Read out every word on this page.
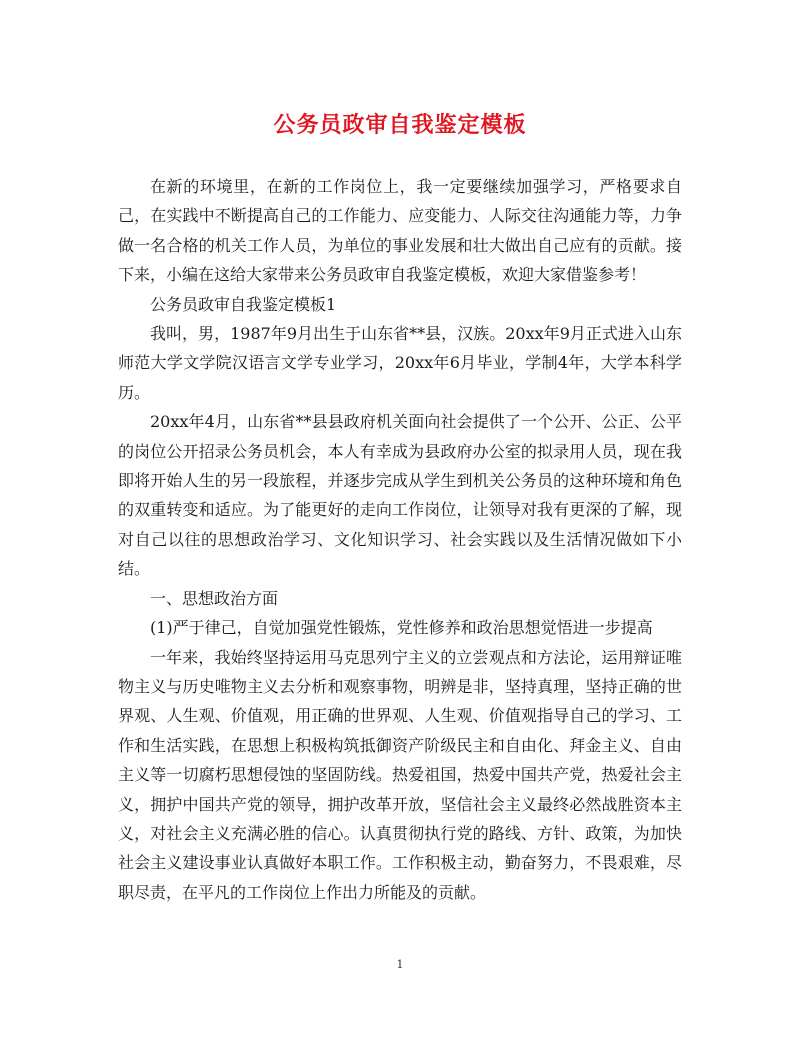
公务员政审自我鉴定模板

在新的环境里，在新的工作岗位上，我一定要继续加强学习，严格要求自己，在实践中不断提高自己的工作能力、应变能力、人际交往沟通能力等，力争做一名合格的机关工作人员，为单位的事业发展和壮大做出自己应有的贡献。接下来，小编在这给大家带来公务员政审自我鉴定模板，欢迎大家借鉴参考！

公务员政审自我鉴定模板1

我叫，男，1987年9月出生于山东省**县，汉族。20xx年9月正式进入山东师范大学文学院汉语言文学专业学习，20xx年6月毕业，学制4年，大学本科学历。

20xx年4月，山东省**县县政府机关面向社会提供了一个公开、公正、公平的岗位公开招录公务员机会，本人有幸成为县政府办公室的拟录用人员，现在我即将开始人生的另一段旅程，并逐步完成从学生到机关公务员的这种环境和角色的双重转变和适应。为了能更好的走向工作岗位，让领导对我有更深的了解，现对自己以往的思想政治学习、文化知识学习、社会实践以及生活情况做如下小结。

一、思想政治方面

(1)严于律己，自觉加强党性锻炼，党性修养和政治思想觉悟进一步提高

一年来，我始终坚持运用马克思列宁主义的立尝观点和方法论，运用辩证唯物主义与历史唯物主义去分析和观察事物，明辨是非，坚持真理，坚持正确的世界观、人生观、价值观，用正确的世界观、人生观、价值观指导自己的学习、工作和生活实践，在思想上积极构筑抵御资产阶级民主和自由化、拜金主义、自由主义等一切腐朽思想侵蚀的坚固防线。热爱祖国，热爱中国共产党，热爱社会主义，拥护中国共产党的领导，拥护改革开放，坚信社会主义最终必然战胜资本主义，对社会主义充满必胜的信心。认真贯彻执行党的路线、方针、政策，为加快社会主义建设事业认真做好本职工作。工作积极主动，勤奋努力，不畏艰难，尽职尽责，在平凡的工作岗位上作出力所能及的贡献。

1
